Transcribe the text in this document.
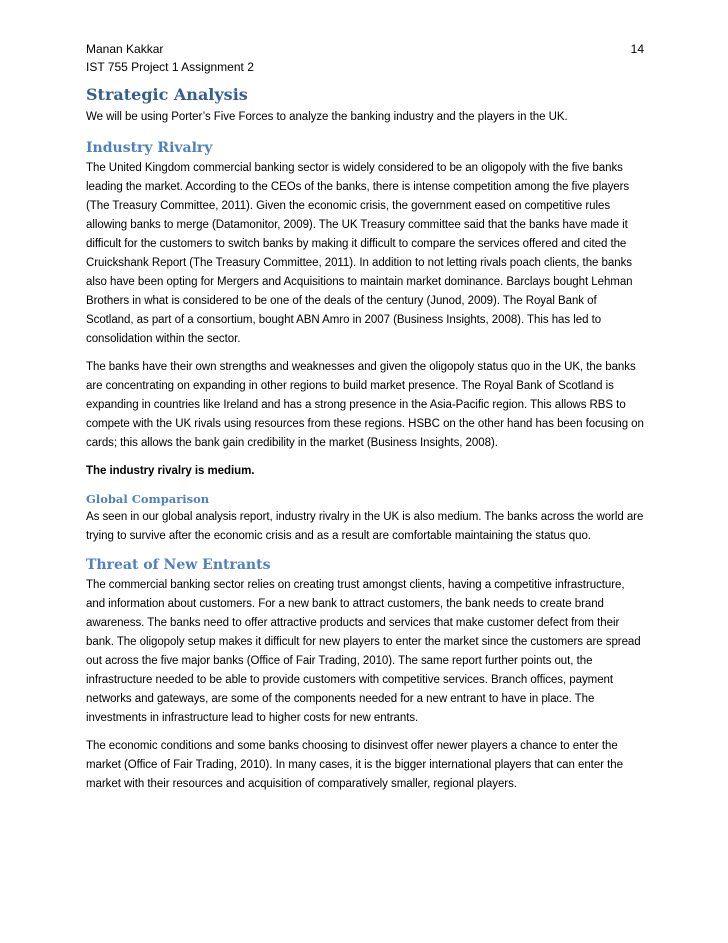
Manan Kakkar	14
IST 755 Project 1 Assignment 2
Strategic Analysis

We will be using Porter’s Five Forces to analyze the banking industry and the players in the UK.

Industry Rivalry

The United Kingdom commercial banking sector is widely considered to be an oligopoly with the five banks leading the market. According to the CEOs of the banks, there is intense competition among the five players (The Treasury Committee, 2011). Given the economic crisis, the government eased on competitive rules allowing banks to merge (Datamonitor, 2009). The UK Treasury committee said that the banks have made it difficult for the customers to switch banks by making it difficult to compare the services offered and cited the Cruickshank Report (The Treasury Committee, 2011). In addition to not letting rivals poach clients, the banks also have been opting for Mergers and Acquisitions to maintain market dominance. Barclays bought Lehman Brothers in what is considered to be one of the deals of the century (Junod, 2009). The Royal Bank of Scotland, as part of a consortium, bought ABN Amro in 2007 (Business Insights, 2008). This has led to consolidation within the sector.

The banks have their own strengths and weaknesses and given the oligopoly status quo in the UK, the banks are concentrating on expanding in other regions to build market presence. The Royal Bank of Scotland is expanding in countries like Ireland and has a strong presence in the Asia-Pacific region. This allows RBS to compete with the UK rivals using resources from these regions. HSBC on the other hand has been focusing on cards; this allows the bank gain credibility in the market (Business Insights, 2008).

The industry rivalry is medium.

Global Comparison

As seen in our global analysis report, industry rivalry in the UK is also medium. The banks across the world are trying to survive after the economic crisis and as a result are comfortable maintaining the status quo.

Threat of New Entrants

The commercial banking sector relies on creating trust amongst clients, having a competitive infrastructure, and information about customers. For a new bank to attract customers, the bank needs to create brand awareness. The banks need to offer attractive products and services that make customer defect from their bank. The oligopoly setup makes it difficult for new players to enter the market since the customers are spread out across the five major banks (Office of Fair Trading, 2010). The same report further points out, the infrastructure needed to be able to provide customers with competitive services. Branch offices, payment networks and gateways, are some of the components needed for a new entrant to have in place. The investments in infrastructure lead to higher costs for new entrants.

The economic conditions and some banks choosing to disinvest offer newer players a chance to enter the market (Office of Fair Trading, 2010). In many cases, it is the bigger international players that can enter the market with their resources and acquisition of comparatively smaller, regional players.
